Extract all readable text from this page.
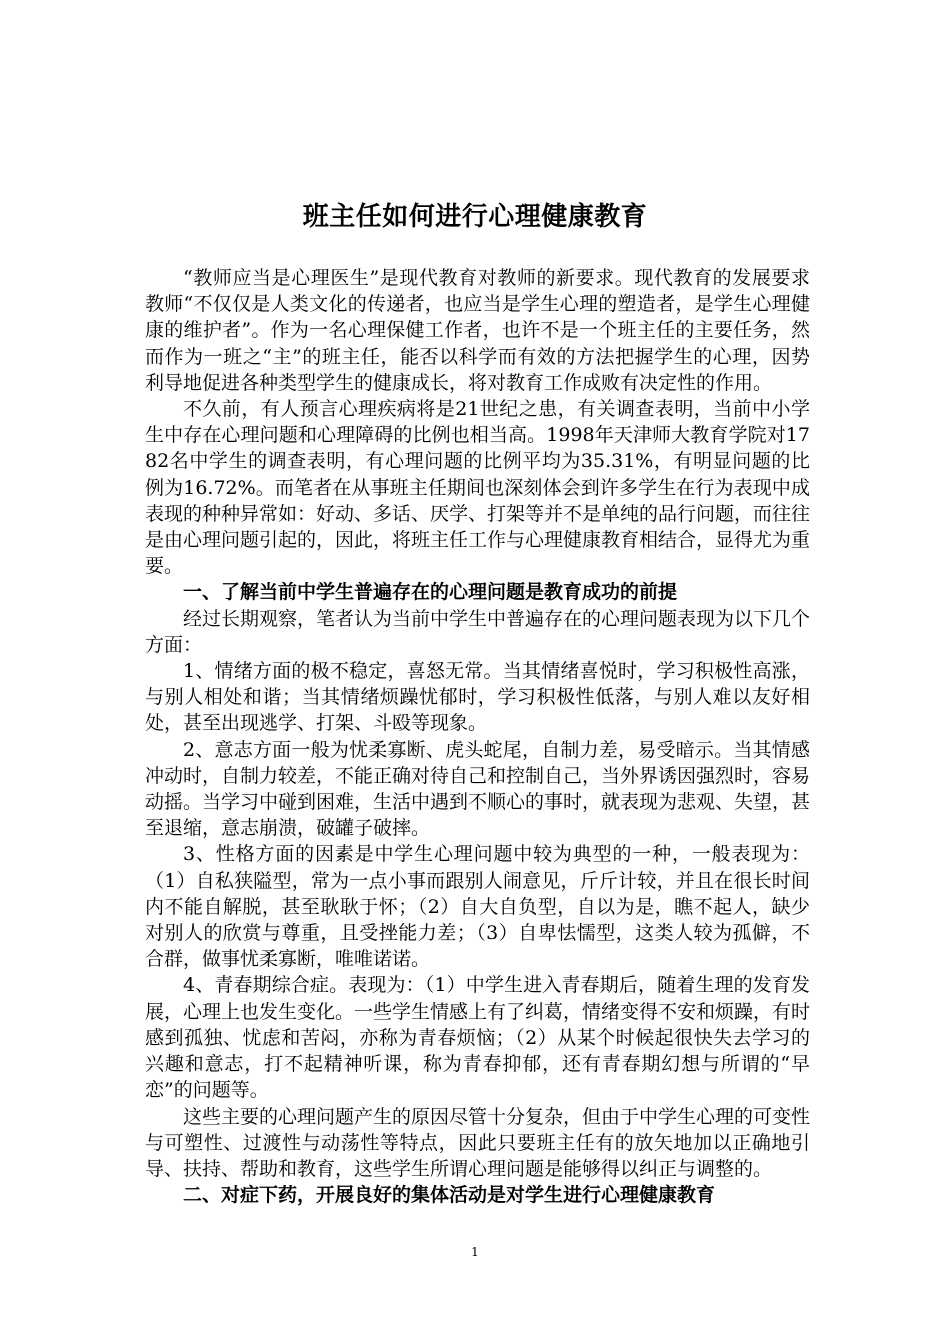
班主任如何进行心理健康教育

“教师应当是心理医生”是现代教育对教师的新要求。现代教育的发展要求教师“不仅仅是人类文化的传递者，也应当是学生心理的塑造者，是学生心理健康的维护者”。作为一名心理保健工作者，也许不是一个班主任的主要任务，然而作为一班之“主”的班主任，能否以科学而有效的方法把握学生的心理，因势利导地促进各种类型学生的健康成长，将对教育工作成败有决定性的作用。

不久前，有人预言心理疾病将是21世纪之患，有关调查表明，当前中小学生中存在心理问题和心理障碍的比例也相当高。1998年天津师大教育学院对1782名中学生的调查表明，有心理问题的比例平均为35.31%，有明显问题的比例为16.72%。而笔者在从事班主任期间也深刻体会到许多学生在行为表现中成表现的种种异常如：好动、多话、厌学、打架等并不是单纯的品行问题，而往往是由心理问题引起的，因此，将班主任工作与心理健康教育相结合，显得尤为重要。

一、了解当前中学生普遍存在的心理问题是教育成功的前提

经过长期观察，笔者认为当前中学生中普遍存在的心理问题表现为以下几个方面：

1、情绪方面的极不稳定，喜怒无常。当其情绪喜悦时，学习积极性高涨，与别人相处和谐；当其情绪烦躁忧郁时，学习积极性低落，与别人难以友好相处，甚至出现逃学、打架、斗殴等现象。

2、意志方面一般为忧柔寡断、虎头蛇尾，自制力差，易受暗示。当其情感冲动时，自制力较差，不能正确对待自己和控制自己，当外界诱因强烈时，容易动摇。当学习中碰到困难，生活中遇到不顺心的事时，就表现为悲观、失望，甚至退缩，意志崩溃，破罐子破摔。

3、性格方面的因素是中学生心理问题中较为典型的一种，一般表现为：（1）自私狭隘型，常为一点小事而跟别人闹意见，斤斤计较，并且在很长时间内不能自解脱，甚至耿耿于怀；（2）自大自负型，自以为是，瞧不起人，缺少对别人的欣赏与尊重，且受挫能力差；（3）自卑怯懦型，这类人较为孤僻，不合群，做事忧柔寡断，唯唯诺诺。

4、青春期综合症。表现为：（1）中学生进入青春期后，随着生理的发育发展，心理上也发生变化。一些学生情感上有了纠葛，情绪变得不安和烦躁，有时感到孤独、忧虑和苦闷，亦称为青春烦恼；（2）从某个时候起很快失去学习的兴趣和意志，打不起精神听课，称为青春抑郁，还有青春期幻想与所谓的“早恋”的问题等。

这些主要的心理问题产生的原因尽管十分复杂，但由于中学生心理的可变性与可塑性、过渡性与动荡性等特点，因此只要班主任有的放矢地加以正确地引导、扶持、帮助和教育，这些学生所谓心理问题是能够得以纠正与调整的。

二、对症下药，开展良好的集体活动是对学生进行心理健康教育
1
